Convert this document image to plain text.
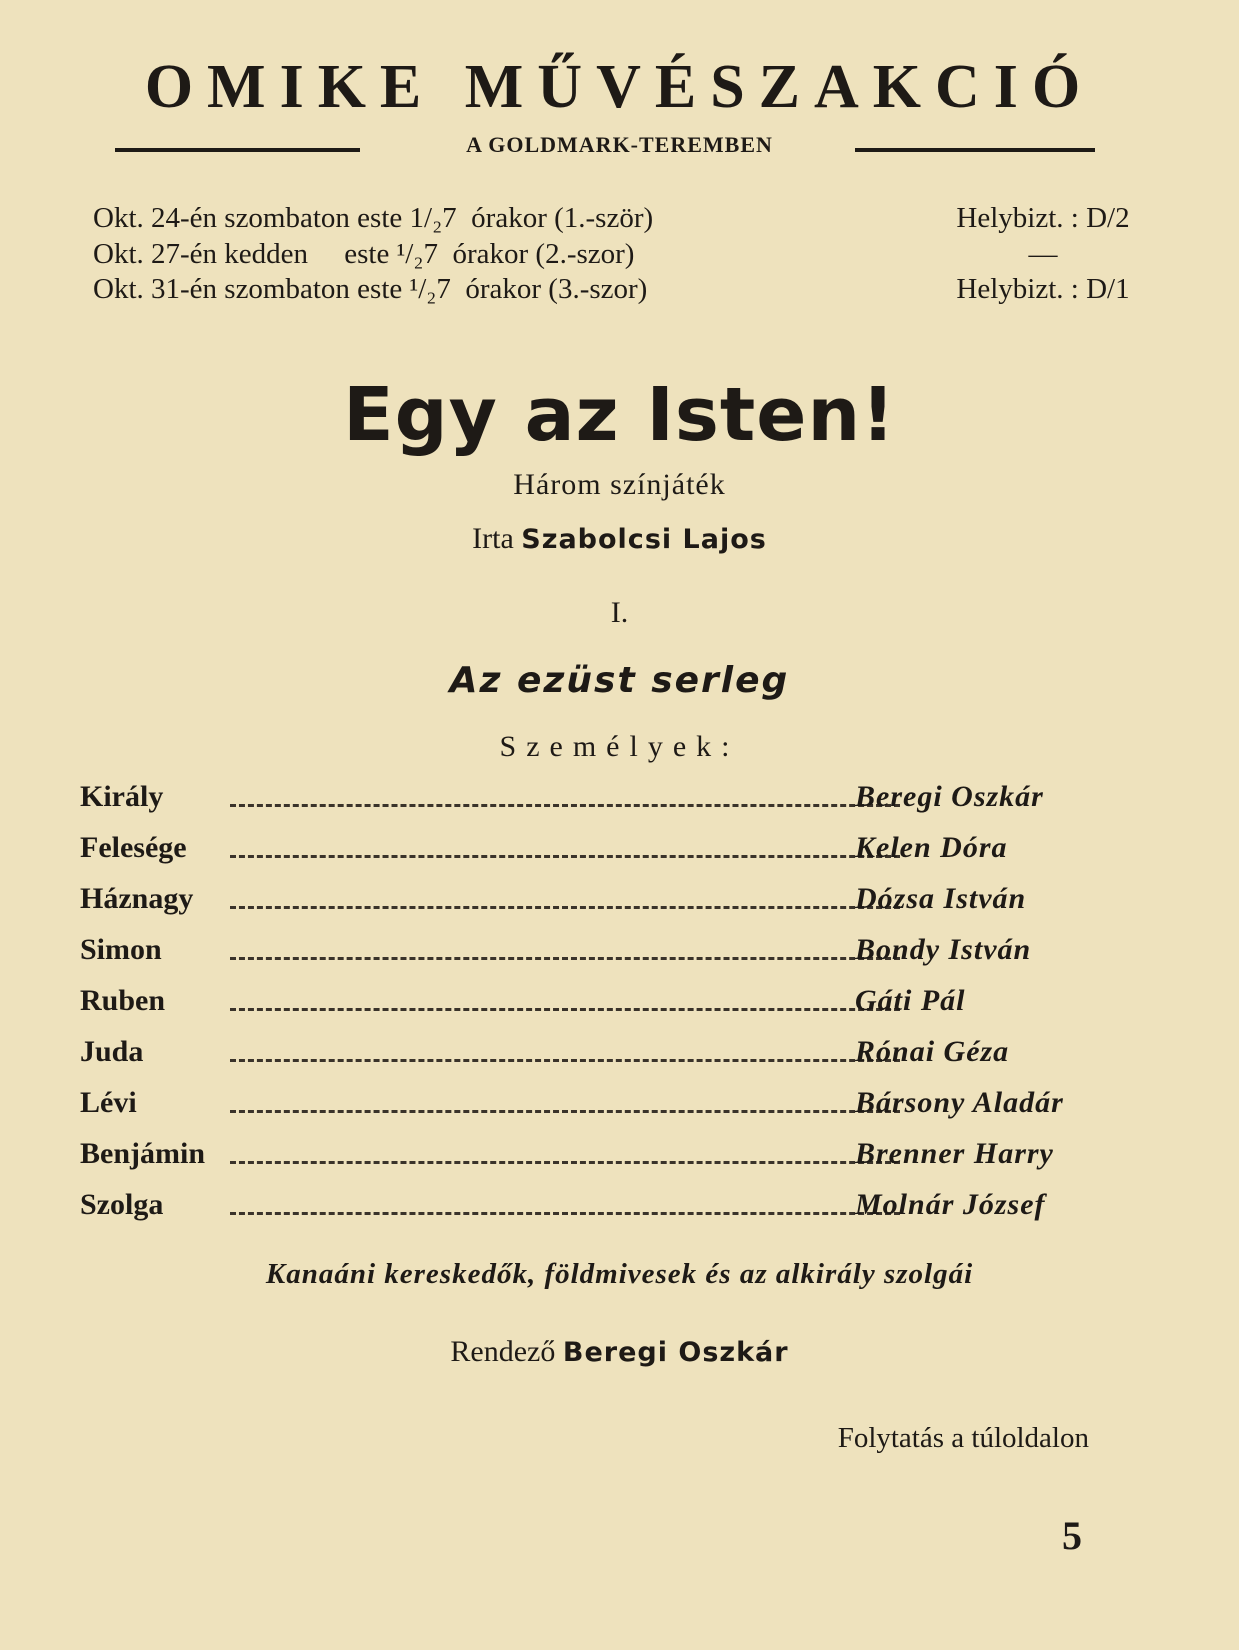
OMIKE MŰVÉSZAKCIÓ
A GOLDMARK-TEREMBEN
Okt. 24-én szombaton este 1/₂7  órakor (1.-ször)	Helybizt. : D/2
Okt. 27-én kedden     este ¹/₂7  órakor (2.-szor)	—
Okt. 31-én szombaton este ¹/₂7  órakor (3.-szor)	Helybizt. : D/1
Egy az Isten!
Három színjáték
Irta Szabolcsi Lajos
I.
Az ezüst serleg
Személyek:
Király	Beregi Oszkár
Felesége	Kelen Dóra
Háznagy	Dózsa István
Simon	Bondy István
Ruben	Gáti Pál
Juda	Rónai Géza
Lévi	Bársony Aladár
Benjámin	Brenner Harry
Szolga	Molnár József
Kanaáni kereskedők, földmivesek és az alkirály szolgái
Rendező Beregi Oszkár
Folytatás a túloldalon
5
